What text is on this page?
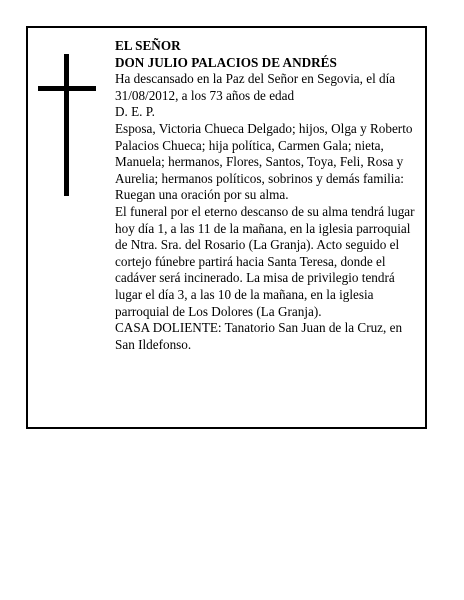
EL SEÑOR
DON JULIO PALACIOS DE ANDRÉS
Ha descansado en la Paz del Señor en Segovia, el día 31/08/2012, a los 73 años de edad
D. E. P.
Esposa, Victoria Chueca Delgado; hijos, Olga y Roberto Palacios Chueca; hija política, Carmen Gala; nieta, Manuela; hermanos, Flores, Santos, Toya, Feli, Rosa y Aurelia; hermanos políticos, sobrinos y demás familia:
Ruegan una oración por su alma.
El funeral por el eterno descanso de su alma tendrá lugar hoy día 1, a las 11 de la mañana, en la iglesia parroquial de Ntra. Sra. del Rosario (La Granja). Acto seguido el cortejo fúnebre partirá hacia Santa Teresa, donde el cadáver será incinerado. La misa de privilegio tendrá lugar el día 3, a las 10 de la mañana, en la iglesia parroquial de Los Dolores (La Granja).
CASA DOLIENTE: Tanatorio San Juan de la Cruz, en San Ildefonso.
